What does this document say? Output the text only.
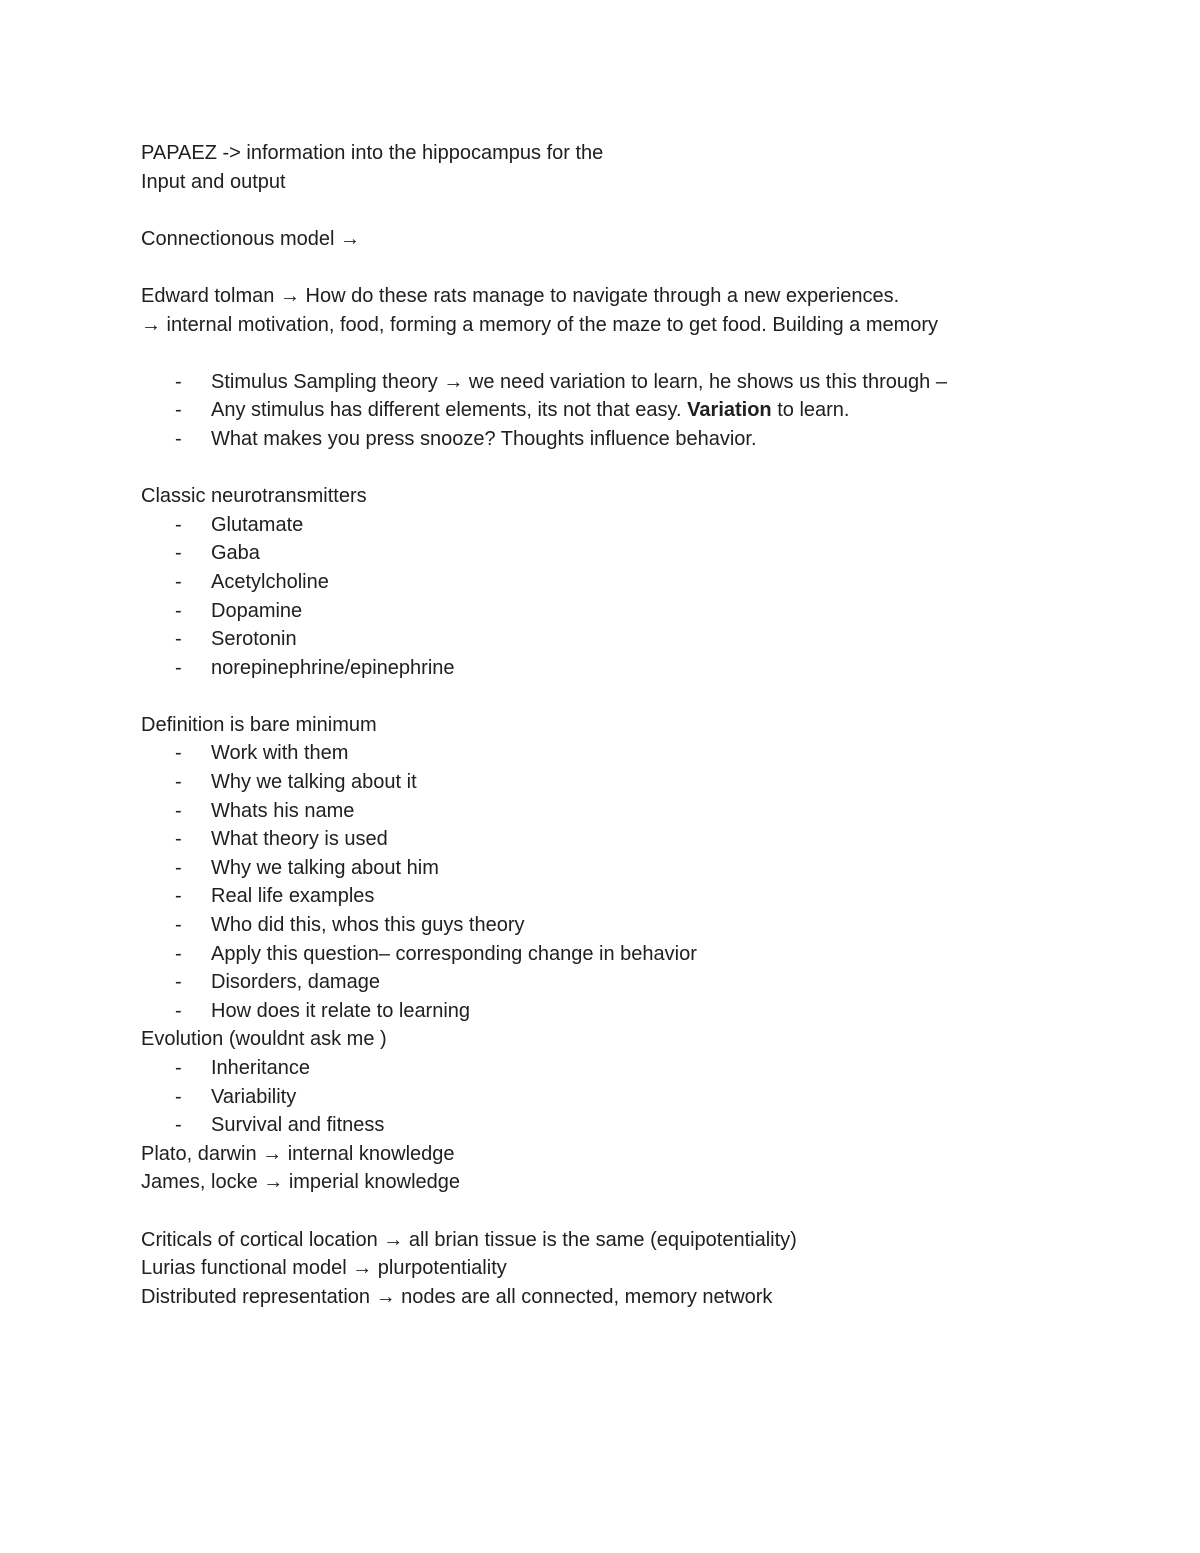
PAPAEZ -> information into the hippocampus for the
Input and output
Connectionous model →
Edward tolman → How do these rats manage to navigate through a new experiences.
→ internal motivation, food, forming a memory of the maze to get food. Building a memory
- Stimulus Sampling theory → we need variation to learn, he shows us this through –
- Any stimulus has different elements, its not that easy. Variation to learn.
- What makes you press snooze? Thoughts influence behavior.
Classic neurotransmitters
- Glutamate
- Gaba
- Acetylcholine
- Dopamine
- Serotonin
- norepinephrine/epinephrine
Definition is bare minimum
- Work with them
- Why we talking about it
- Whats his name
- What theory is used
- Why we talking about him
- Real life examples
- Who did this, whos this guys theory
- Apply this question– corresponding change in behavior
- Disorders, damage
- How does it relate to learning
Evolution (wouldnt ask me )
- Inheritance
- Variability
- Survival and fitness
Plato, darwin → internal knowledge
James, locke → imperial knowledge
Criticals of cortical location → all brian tissue is the same (equipotentiality)
Lurias functional model → plurpotentiality
Distributed representation → nodes are all connected, memory network
